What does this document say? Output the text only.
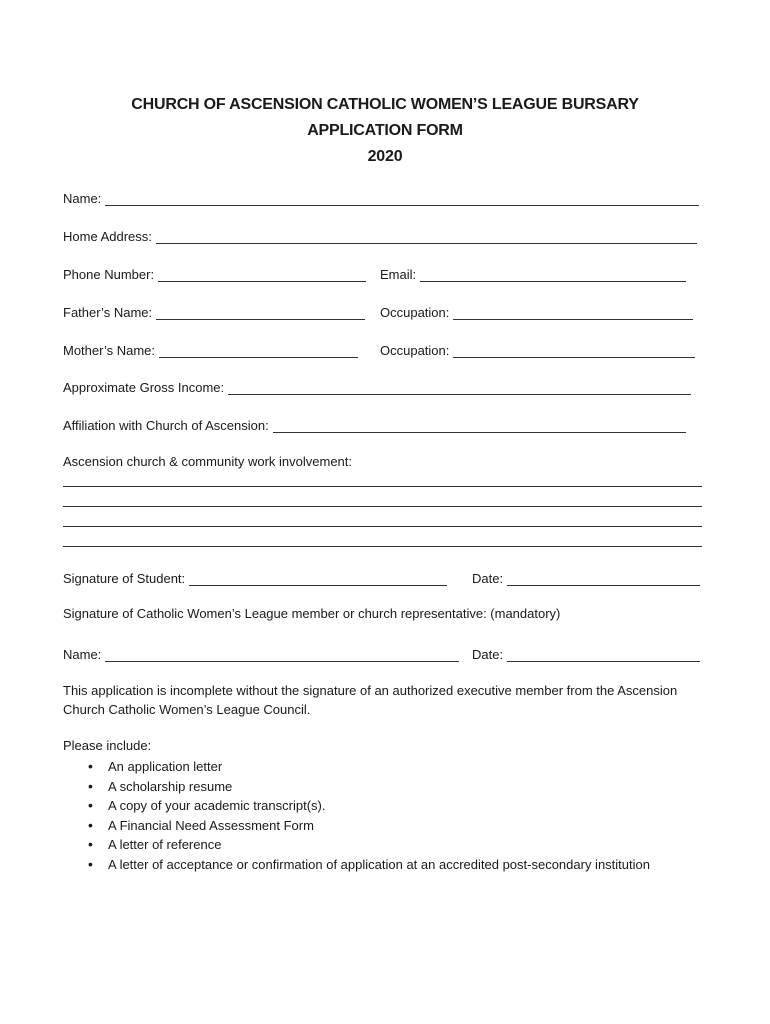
CHURCH OF ASCENSION CATHOLIC WOMEN’S LEAGUE BURSARY
APPLICATION FORM
2020
Name:
Home Address:
Phone Number:	Email:
Father’s Name:	Occupation:
Mother’s Name:	Occupation:
Approximate Gross Income:
Affiliation with Church of Ascension:
Ascension church & community work involvement:
Signature of Student:	Date:
Signature of Catholic Women’s League member or church representative: (mandatory)
Name:	Date:
This application is incomplete without the signature of an authorized executive member from the Ascension Church Catholic Women’s League Council.
Please include:
• An application letter
• A scholarship resume
• A copy of your academic transcript(s).
• A Financial Need Assessment Form
• A letter of reference
• A letter of acceptance or confirmation of application at an accredited post-secondary institution
